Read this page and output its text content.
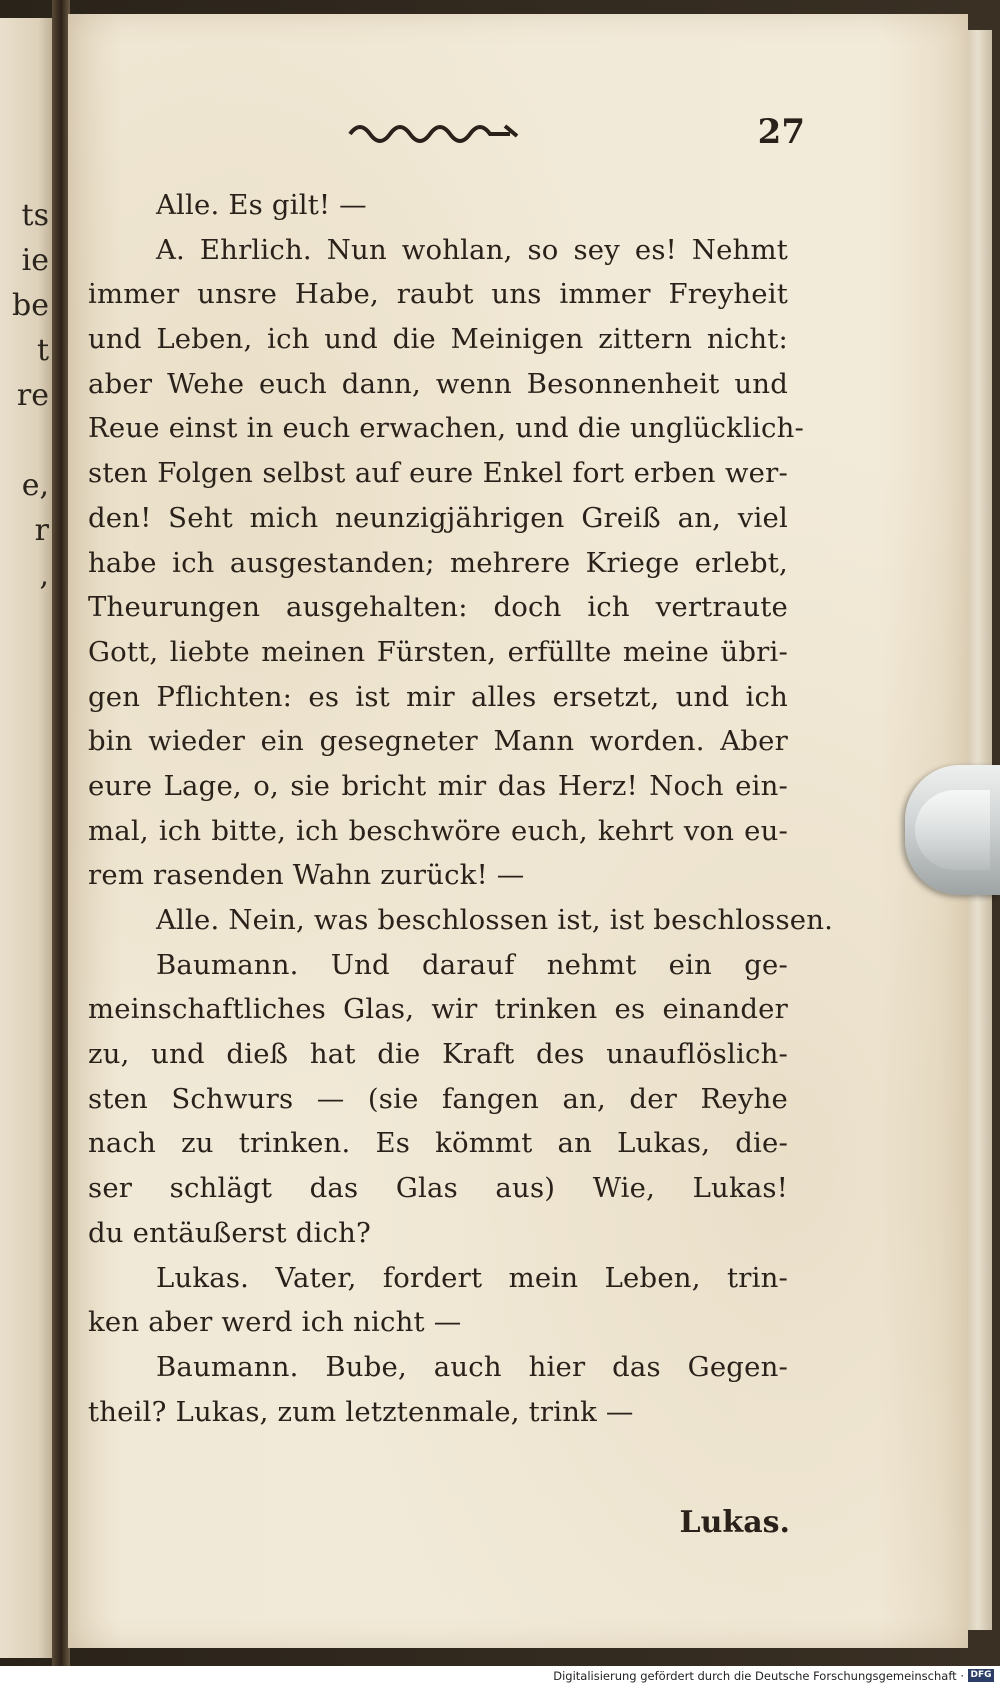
ts
ie
be
t
re
e,
r
,
27
Alle. Es gilt! —
A. Ehrlich. Nun wohlan, so sey es! Nehmt
immer unsre Habe, raubt uns immer Freyheit
und Leben, ich und die Meinigen zittern nicht:
aber Wehe euch dann, wenn Besonnenheit und
Reue einst in euch erwachen, und die unglücklich-
sten Folgen selbst auf eure Enkel fort erben wer-
den! Seht mich neunzigjährigen Greiß an, viel
habe ich ausgestanden; mehrere Kriege erlebt,
Theurungen ausgehalten: doch ich vertraute
Gott, liebte meinen Fürsten, erfüllte meine übri-
gen Pflichten: es ist mir alles ersetzt, und ich
bin wieder ein gesegneter Mann worden. Aber
eure Lage, o, sie bricht mir das Herz! Noch ein-
mal, ich bitte, ich beschwöre euch, kehrt von eu-
rem rasenden Wahn zurück! —
Alle. Nein, was beschlossen ist, ist beschlossen.
Baumann. Und darauf nehmt ein ge-
meinschaftliches Glas, wir trinken es einander
zu, und dieß hat die Kraft des unauflöslich-
sten Schwurs — (sie fangen an, der Reyhe
nach zu trinken. Es kömmt an Lukas, die-
ser schlägt das Glas aus) Wie, Lukas!
du entäußerst dich?
Lukas. Vater, fordert mein Leben, trin-
ken aber werd ich nicht —
Baumann. Bube, auch hier das Gegen-
theil? Lukas, zum letztenmale, trink —
Lukas.
Digitalisierung gefördert durch die Deutsche Forschungsgemeinschaft · DFG
